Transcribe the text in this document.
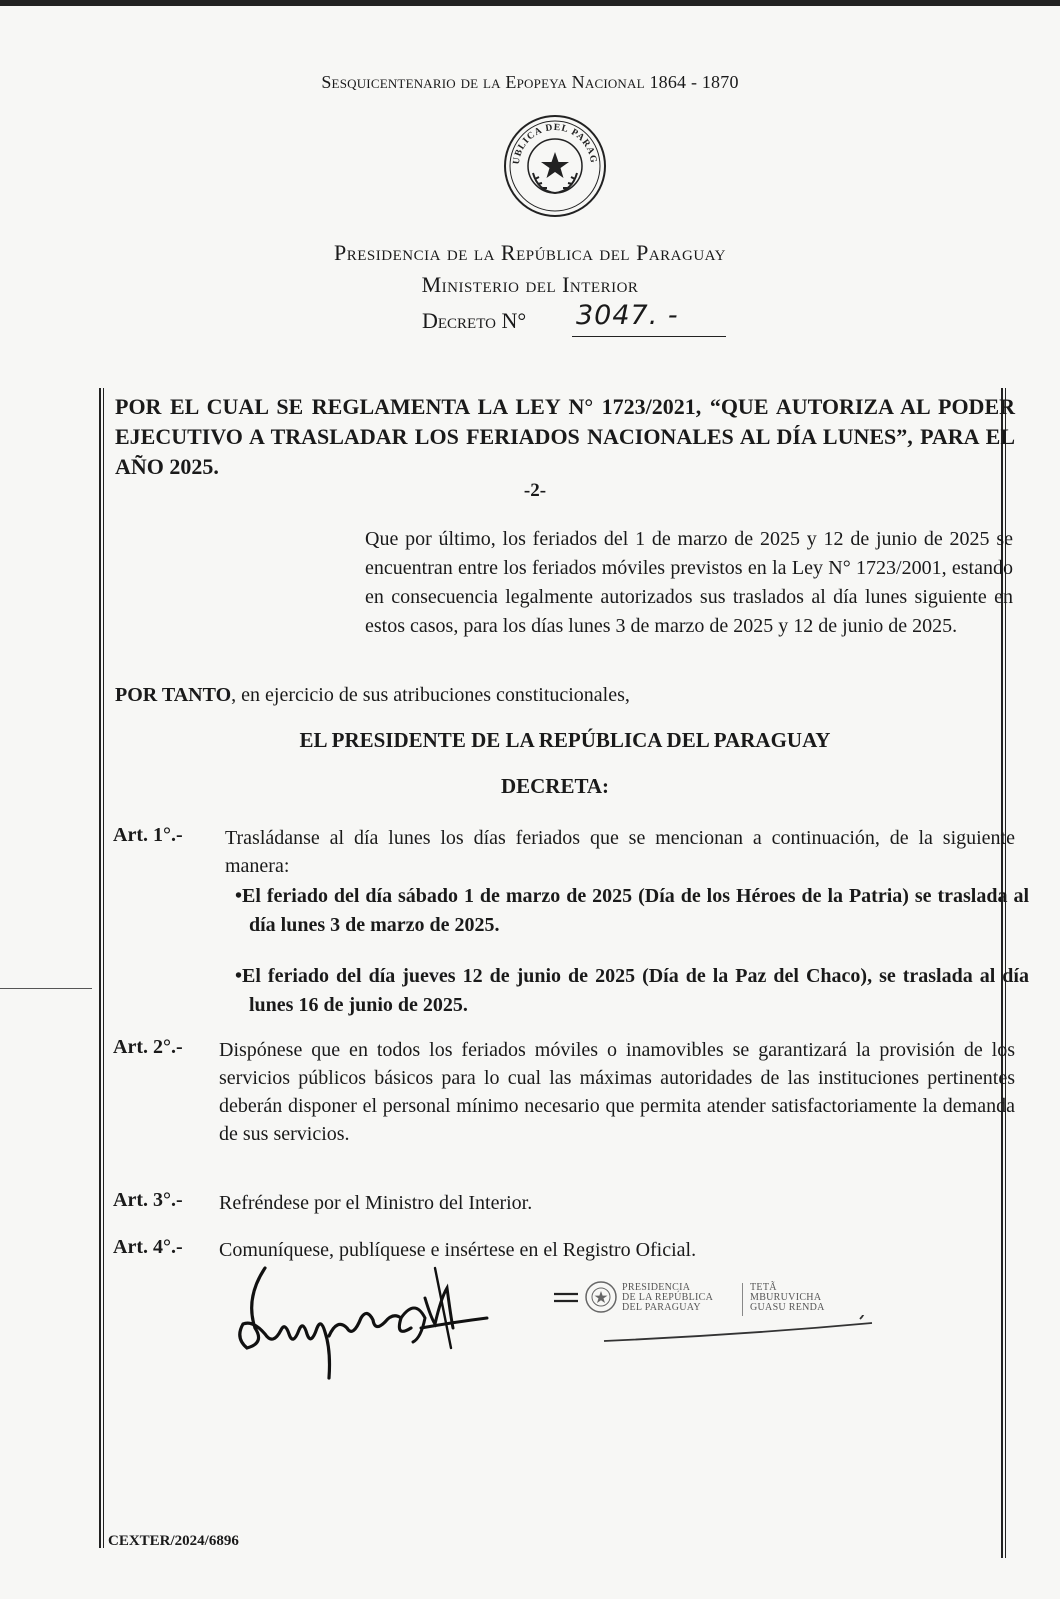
Sesquicentenario de la Epopeya Nacional 1864 - 1870
UBLICA DEL PARAG
Presidencia de la República del Paraguay
Ministerio del Interior
Decreto N° 3047. -
POR EL CUAL SE REGLAMENTA LA LEY N° 1723/2021, “QUE AUTORIZA AL PODER EJECUTIVO A TRASLADAR LOS FERIADOS NACIONALES AL DÍA LUNES”, PARA EL AÑO 2025.
-2-
Que por último, los feriados del 1 de marzo de 2025 y 12 de junio de 2025 se encuentran entre los feriados móviles previstos en la Ley N° 1723/2001, estando en consecuencia legalmente autorizados sus traslados al día lunes siguiente en estos casos, para los días lunes 3 de marzo de 2025 y 12 de junio de 2025.
POR TANTO, en ejercicio de sus atribuciones constitucionales,
EL PRESIDENTE DE LA REPÚBLICA DEL PARAGUAY
DECRETA:
Art. 1°.- Trasládanse al día lunes los días feriados que se mencionan a continuación, de la siguiente manera:
•El feriado del día sábado 1 de marzo de 2025 (Día de los Héroes de la Patria) se traslada al día lunes 3 de marzo de 2025.
•El feriado del día jueves 12 de junio de 2025 (Día de la Paz del Chaco), se traslada al día lunes 16 de junio de 2025.
Art. 2°.- Dispónese que en todos los feriados móviles o inamovibles se garantizará la provisión de los servicios públicos básicos para lo cual las máximas autoridades de las instituciones pertinentes deberán disponer el personal mínimo necesario que permita atender satisfactoriamente la demanda de sus servicios.
Art. 3°.- Refréndese por el Ministro del Interior.
Art. 4°.- Comuníquese, publíquese e insértese en el Registro Oficial.
PRESIDENCIA
DE LA REPÚBLICA
DEL PARAGUAY
TETÃ
MBURUVICHA
GUASU RENDA
CEXTER/2024/6896
